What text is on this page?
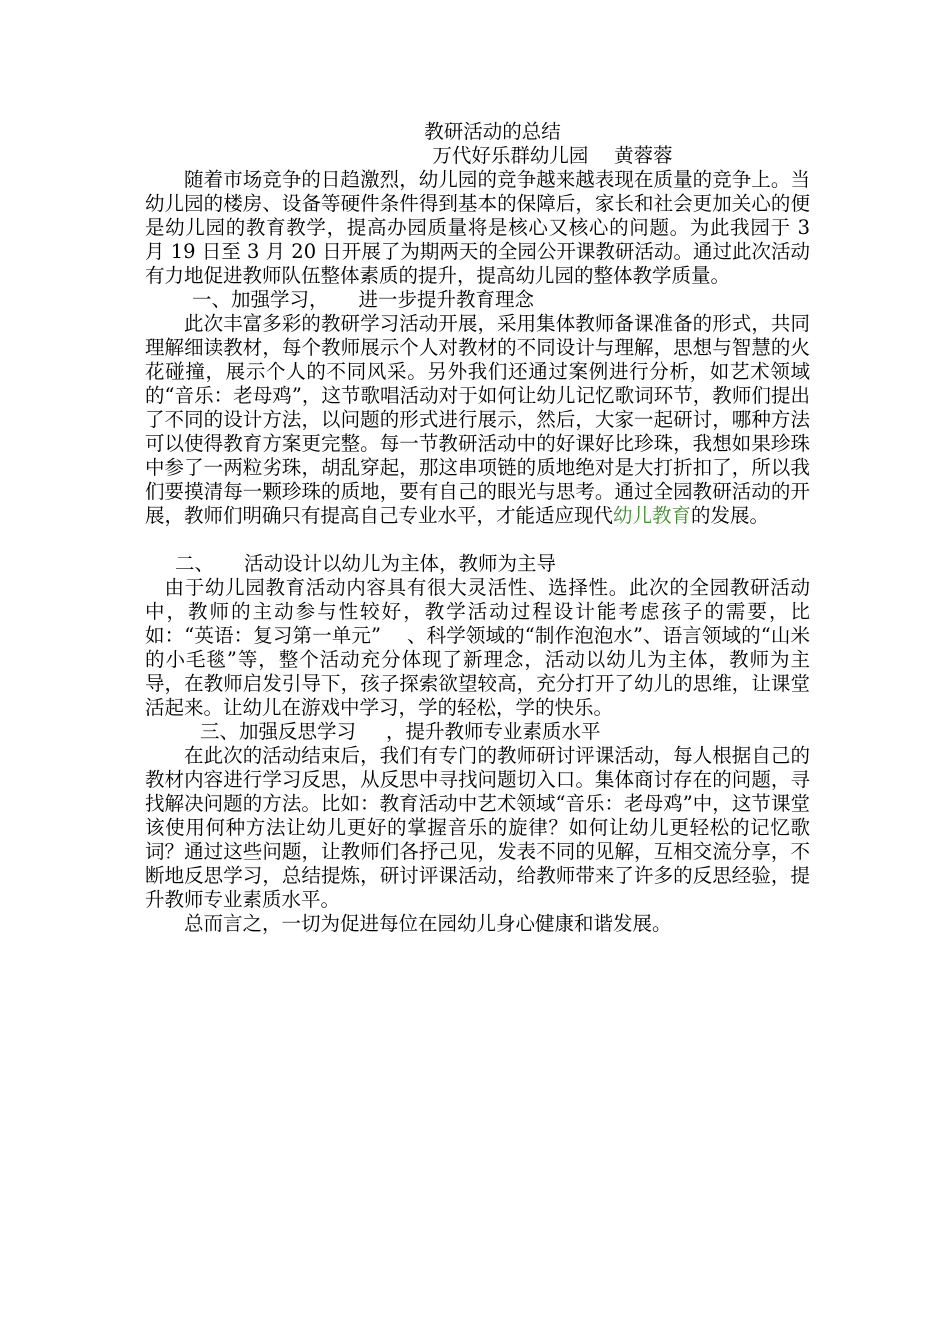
教研活动的总结

万代好乐群幼儿园　 黄蓉蓉

随着市场竞争的日趋激烈，幼儿园的竞争越来越表现在质量的竞争上。当幼儿园的楼房、设备等硬件条件得到基本的保障后，家长和社会更加关心的便是幼儿园的教育教学，提高办园质量将是核心又核心的问题。为此我园于 3 月 19 日至 3 月 20 日开展了为期两天的全园公开课教研活动。通过此次活动有力地促进教师队伍整体素质的提升，提高幼儿园的整体教学质量。

一、加强学习， 进一步提升教育理念

此次丰富多彩的教研学习活动开展，采用集体教师备课准备的形式，共同理解细读教材，每个教师展示个人对教材的不同设计与理解，思想与智慧的火花碰撞，展示个人的不同风采。另外我们还通过案例进行分析，如艺术领域的“音乐：老母鸡”，这节歌唱活动对于如何让幼儿记忆歌词环节，教师们提出了不同的设计方法，以问题的形式进行展示，然后，大家一起研讨，哪种方法可以使得教育方案更完整。每一节教研活动中的好课好比珍珠，我想如果珍珠中参了一两粒劣珠，胡乱穿起，那这串项链的质地绝对是大打折扣了，所以我们要摸清每一颗珍珠的质地，要有自己的眼光与思考。通过全园教研活动的开展，教师们明确只有提高自己专业水平，才能适应现代幼儿教育的发展。

二、 活动设计以幼儿为主体，教师为主导

由于幼儿园教育活动内容具有很大灵活性、选择性。此次的全园教研活动中，教师的主动参与性较好，教学活动过程设计能考虑孩子的需要，比如：“英语：复习第一单元”　 、科学领域的“制作泡泡水”、语言领域的“山米的小毛毯”等，整个活动充分体现了新理念，活动以幼儿为主体，教师为主导，在教师启发引导下，孩子探索欲望较高，充分打开了幼儿的思维，让课堂活起来。让幼儿在游戏中学习，学的轻松，学的快乐。

三、加强反思学习 ，提升教师专业素质水平

在此次的活动结束后，我们有专门的教师研讨评课活动，每人根据自己的教材内容进行学习反思，从反思中寻找问题切入口。集体商讨存在的问题，寻找解决问题的方法。比如：教育活动中艺术领域“音乐：老母鸡”中，这节课堂该使用何种方法让幼儿更好的掌握音乐的旋律？如何让幼儿更轻松的记忆歌词？通过这些问题，让教师们各抒己见，发表不同的见解，互相交流分享，不断地反思学习，总结提炼，研讨评课活动，给教师带来了许多的反思经验，提升教师专业素质水平。

总而言之，一切为促进每位在园幼儿身心健康和谐发展。
